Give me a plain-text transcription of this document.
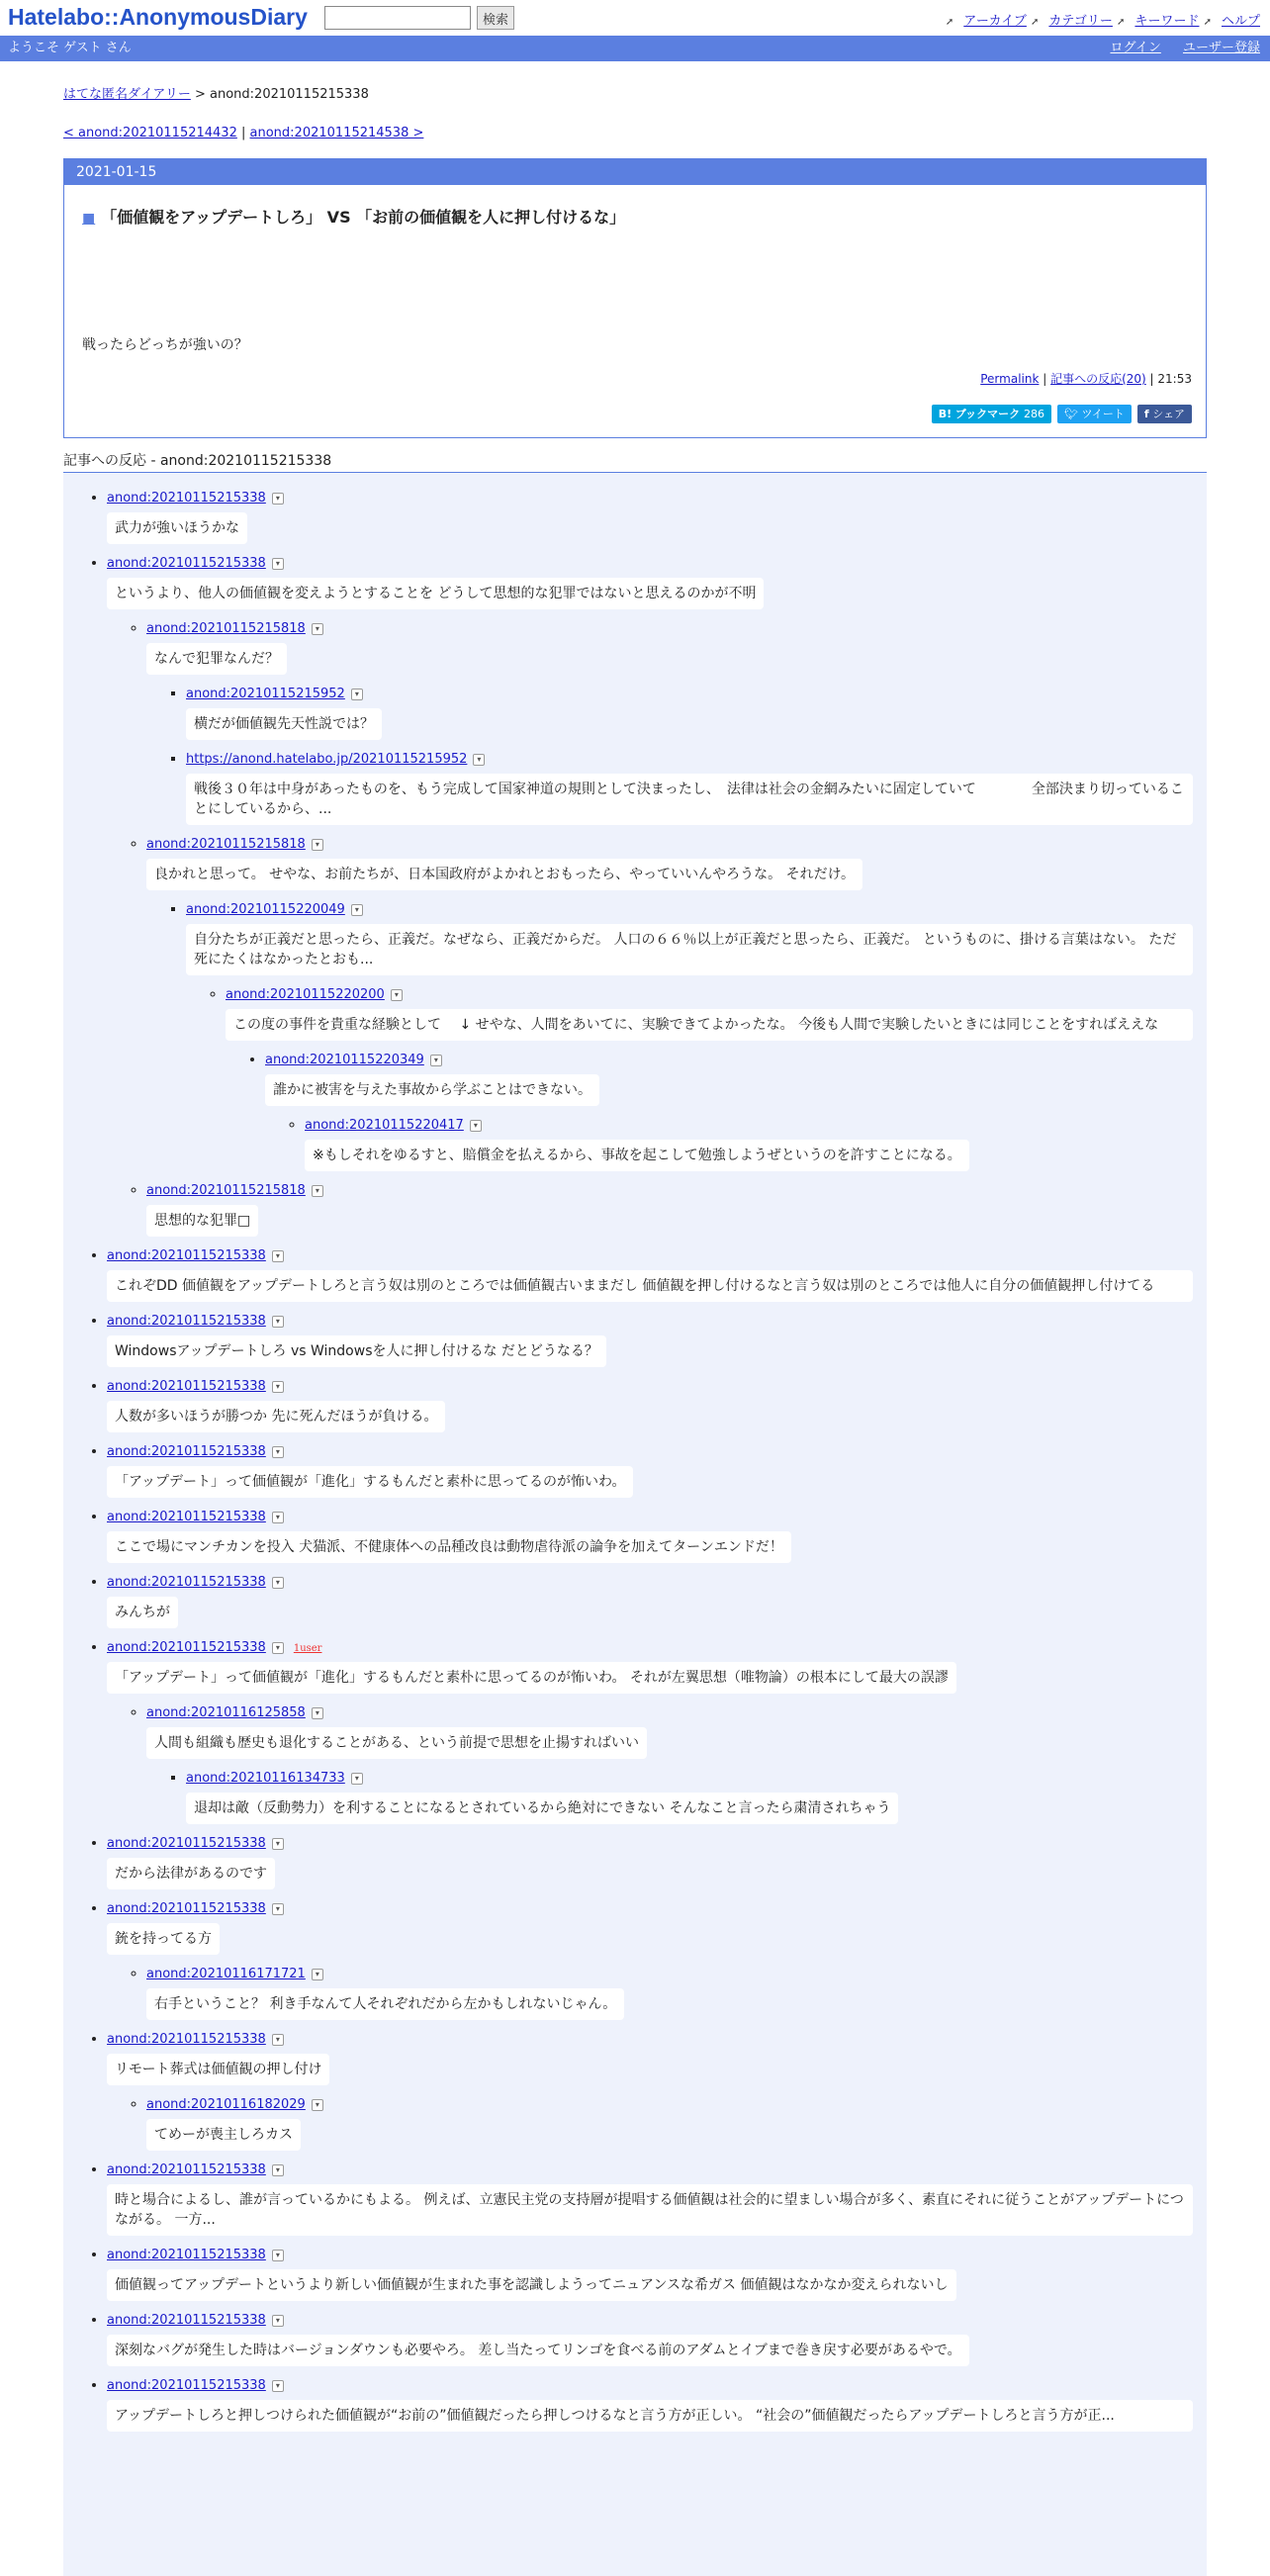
Hatelabo::AnonymousDiary	検索	➚ アーカイブ ➚ カテゴリー ➚ キーワード ➚ ヘルプ
ようこそ ゲスト さん	ログイン ユーザー登録
はてな匿名ダイアリー > anond:20210115215338
< anond:20210115214432 | anond:20210115214538 >
2021-01-15
■ 「価値観をアップデートしろ」 VS 「お前の価値観を人に押し付けるな」
戦ったらどっちが強いの？
Permalink | 記事への反応(20) | 21:53
B! ブックマーク 286 🐦︎ ツイート f シェア
記事への反応 - anond:20210115215338
• anond:20210115215338 ▾
武力が強いほうかな
• anond:20210115215338 ▾
というより、他人の価値観を変えようとすることを どうして思想的な犯罪ではないと思えるのかが不明
◦ anond:20210115215818 ▾
なんで犯罪なんだ？
▪ anond:20210115215952 ▾
横だが価値観先天性説では？
▪ https://anond.hatelabo.jp/20210115215952 ▾
戦後３０年は中身があったものを、もう完成して国家神道の規則として決まったし、　法律は社会の金網みたいに固定していて　　　　全部決まり切っていることにしているから、...
◦ anond:20210115215818 ▾
良かれと思って。 せやな、お前たちが、日本国政府がよかれとおもったら、やっていいんやろうな。 それだけ。
▪ anond:20210115220049 ▾
自分たちが正義だと思ったら、正義だ。なぜなら、正義だからだ。 人口の６６％以上が正義だと思ったら、正義だ。 というものに、掛ける言葉はない。 ただ 死にたくはなかったとおも...
◦ anond:20210115220200 ▾
この度の事件を貴重な経験として　 ↓ せやな、人間をあいてに、実験できてよかったな。 今後も人間で実験したいときには同じことをすればええな
• anond:20210115220349 ▾
誰かに被害を与えた事故から学ぶことはできない。
◦ anond:20210115220417 ▾
※もしそれをゆるすと、賠償金を払えるから、事故を起こして勉強しようぜというのを許すことになる。
◦ anond:20210115215818 ▾
思想的な犯罪□
• anond:20210115215338 ▾
これぞDD 価値観をアップデートしろと言う奴は別のところでは価値観古いままだし 価値観を押し付けるなと言う奴は別のところでは他人に自分の価値観押し付けてる
• anond:20210115215338 ▾
Windowsアップデートしろ vs Windowsを人に押し付けるな だとどうなる？
• anond:20210115215338 ▾
人数が多いほうが勝つか 先に死んだほうが負ける。
• anond:20210115215338 ▾
「アップデート」って価値観が「進化」するもんだと素朴に思ってるのが怖いわ。
• anond:20210115215338 ▾
ここで場にマンチカンを投入 犬猫派、不健康体への品種改良は動物虐待派の論争を加えてターンエンドだ！
• anond:20210115215338 ▾
みんちが
• anond:20210115215338 ▾ 1user
「アップデート」って価値観が「進化」するもんだと素朴に思ってるのが怖いわ。 それが左翼思想（唯物論）の根本にして最大の誤謬
◦ anond:20210116125858 ▾
人間も組織も歴史も退化することがある、という前提で思想を止揚すればいい
▪ anond:20210116134733 ▾
退却は敵（反動勢力）を利することになるとされているから絶対にできない そんなこと言ったら粛清されちゃう
• anond:20210115215338 ▾
だから法律があるのです
• anond:20210115215338 ▾
銃を持ってる方
◦ anond:20210116171721 ▾
右手ということ？ 利き手なんて人それぞれだから左かもしれないじゃん。
• anond:20210115215338 ▾
リモート葬式は価値観の押し付け
◦ anond:20210116182029 ▾
てめーが喪主しろカス
• anond:20210115215338 ▾
時と場合によるし、誰が言っているかにもよる。 例えば、立憲民主党の支持層が提唱する価値観は社会的に望ましい場合が多く、素直にそれに従うことがアップデートにつながる。 一方...
• anond:20210115215338 ▾
価値観ってアップデートというより新しい価値観が生まれた事を認識しようってニュアンスな希ガス 価値観はなかなか変えられないし
• anond:20210115215338 ▾
深刻なバグが発生した時はバージョンダウンも必要やろ。 差し当たってリンゴを食べる前のアダムとイブまで巻き戻す必要があるやで。
• anond:20210115215338 ▾
アップデートしろと押しつけられた価値観が“お前の”価値観だったら押しつけるなと言う方が正しい。 “社会の”価値観だったらアップデートしろと言う方が正...
